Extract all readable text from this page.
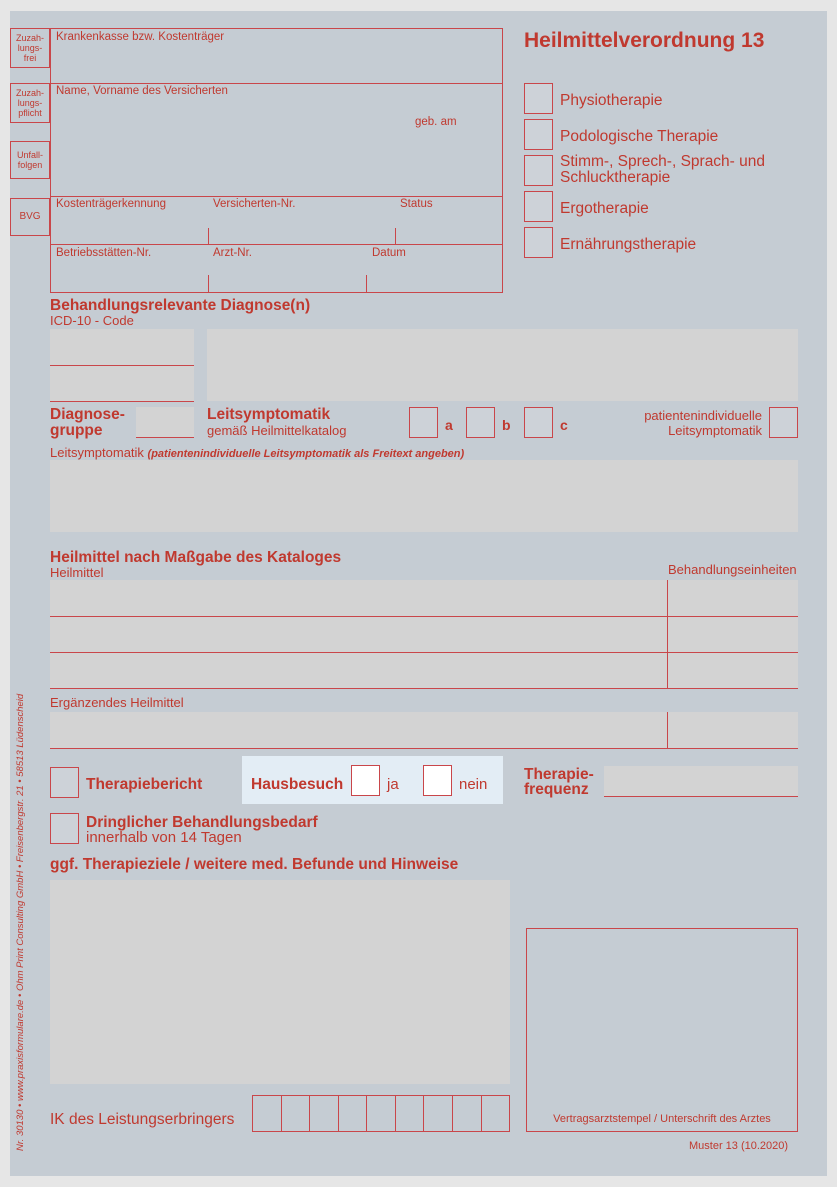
Zuzah-
lungs-
frei
Zuzah-
lungs-
pflicht
Unfall-
folgen
BVG
Krankenkasse bzw. Kostenträger
Name, Vorname des Versicherten
geb. am
Kostenträgerkennung	Versicherten-Nr.	Status
Betriebsstätten-Nr.	Arzt-Nr.	Datum
Heilmittelverordnung 13
Physiotherapie
Podologische Therapie
Stimm-, Sprech-, Sprach- und
Schlucktherapie
Ergotherapie
Ernährungstherapie
Behandlungsrelevante Diagnose(n)
ICD-10 - Code
Diagnose-
gruppe
Leitsymptomatik
gemäß Heilmittelkatalog	a	b	c
patientenindividuelle
Leitsymptomatik
Leitsymptomatik (patientenindividuelle Leitsymptomatik als Freitext angeben)
Heilmittel nach Maßgabe des Kataloges
Heilmittel	Behandlungseinheiten
Ergänzendes Heilmittel
Therapiebericht	Hausbesuch	ja	nein
Therapie-
frequenz
Dringlicher Behandlungsbedarf
innerhalb von 14 Tagen
ggf. Therapieziele / weitere med. Befunde und Hinweise
IK des Leistungserbringers	Vertragsarztstempel / Unterschrift des Arztes
Muster 13 (10.2020)
Nr. 30130 • www.praxisformulare.de • Ohm Print Consulting GmbH • Freisenbergstr. 21 • 58513 Lüdenscheid
